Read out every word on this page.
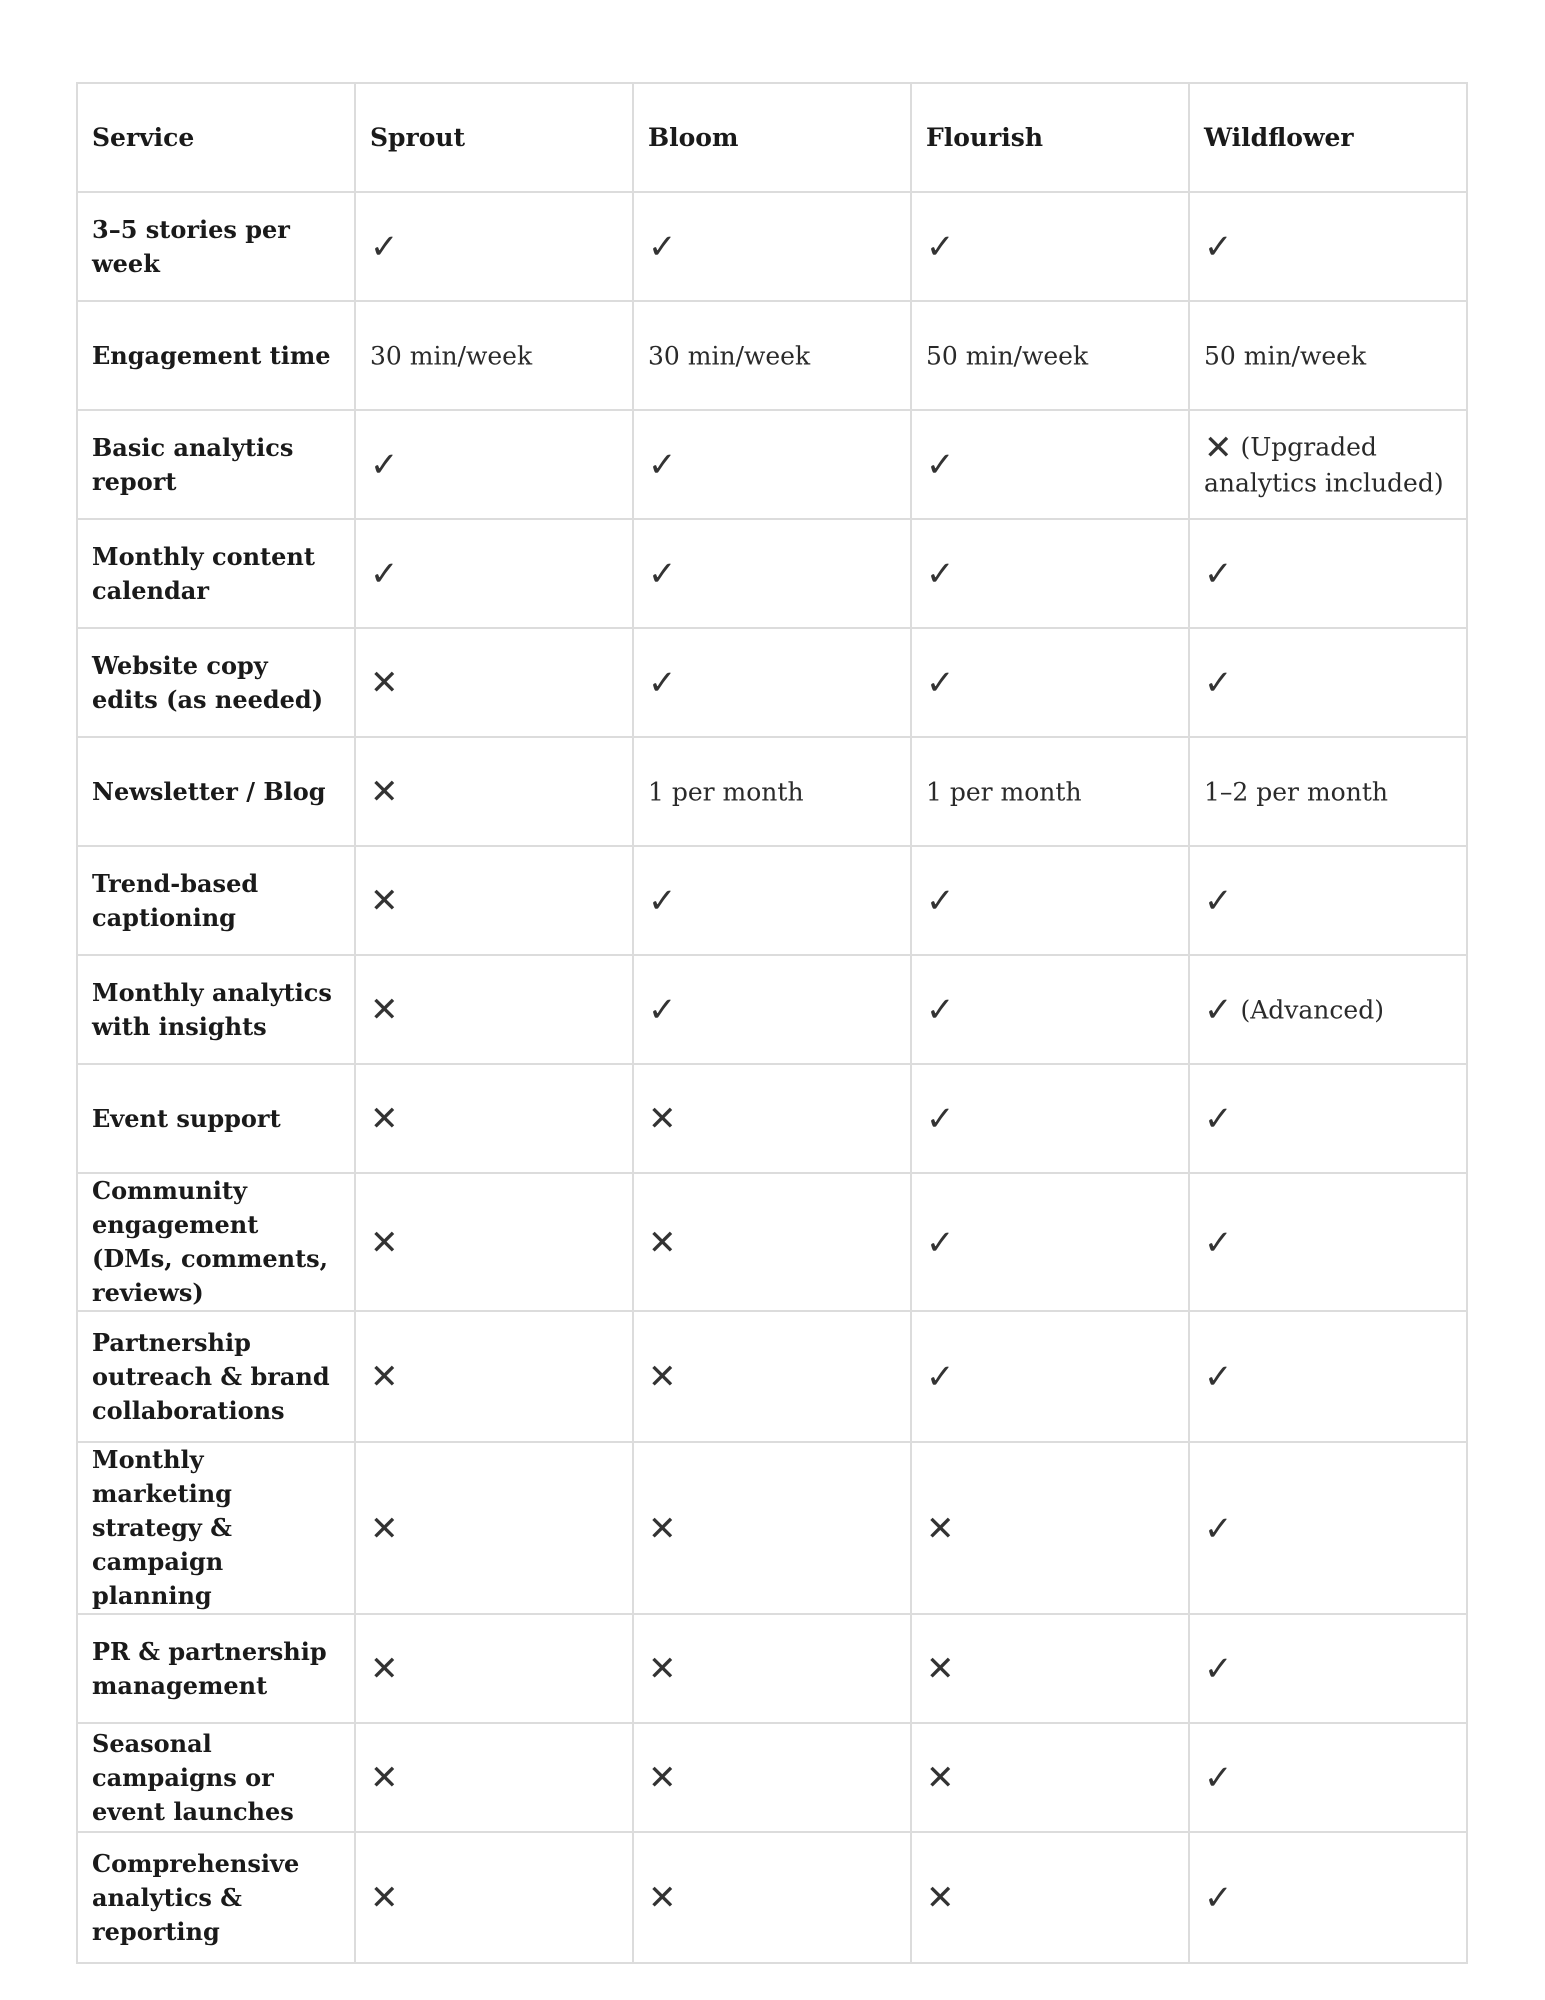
Service	Sprout	Bloom	Flourish	Wildflower
3–5 stories per week	✓	✓	✓	✓
Engagement time	30 min/week	30 min/week	50 min/week	50 min/week
Basic analytics report	✓	✓	✓	✕ (Upgraded analytics included)
Monthly content calendar	✓	✓	✓	✓
Website copy edits (as needed)	✕	✓	✓	✓
Newsletter / Blog	✕	1 per month	1 per month	1–2 per month
Trend-based captioning	✕	✓	✓	✓
Monthly analytics with insights	✕	✓	✓	✓ (Advanced)
Event support	✕	✕	✓	✓
Community engagement (DMs, comments, reviews)	✕	✕	✓	✓
Partnership outreach & brand collaborations	✕	✕	✓	✓
Monthly marketing strategy & campaign planning	✕	✕	✕	✓
PR & partnership management	✕	✕	✕	✓
Seasonal campaigns or event launches	✕	✕	✕	✓
Comprehensive analytics & reporting	✕	✕	✕	✓
